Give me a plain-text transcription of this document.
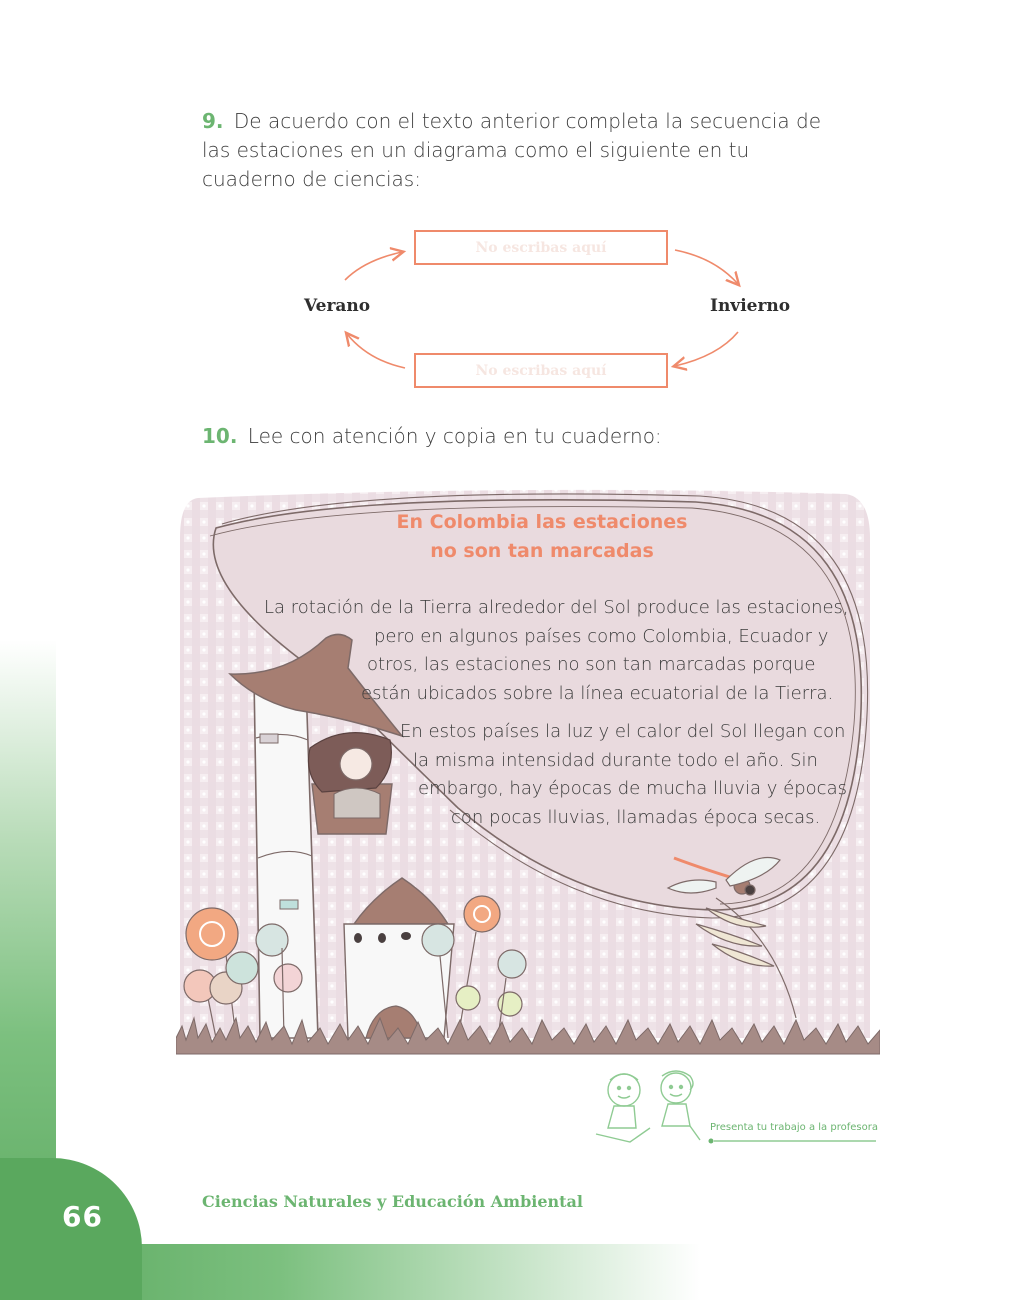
9. De acuerdo con el texto anterior completa la secuencia de las estaciones en un diagrama como el siguiente en tu cuaderno de ciencias:
No escribas aquí
No escribas aquí
Verano	Invierno
10. Lee con atención y copia en tu cuaderno:
En Colombia las estaciones
no son tan marcadas
La rotación de la Tierra alrededor del Sol produce las estaciones,
pero en algunos países como Colombia, Ecuador y
otros, las estaciones no son tan marcadas porque
están ubicados sobre la línea ecuatorial de la Tierra.
En estos países la luz y el calor del Sol llegan con
la misma intensidad durante todo el año. Sin
embargo, hay épocas de mucha lluvia y épocas
con pocas lluvias, llamadas época secas.
Presenta tu trabajo a la profesora
66	Ciencias Naturales y Educación Ambiental
